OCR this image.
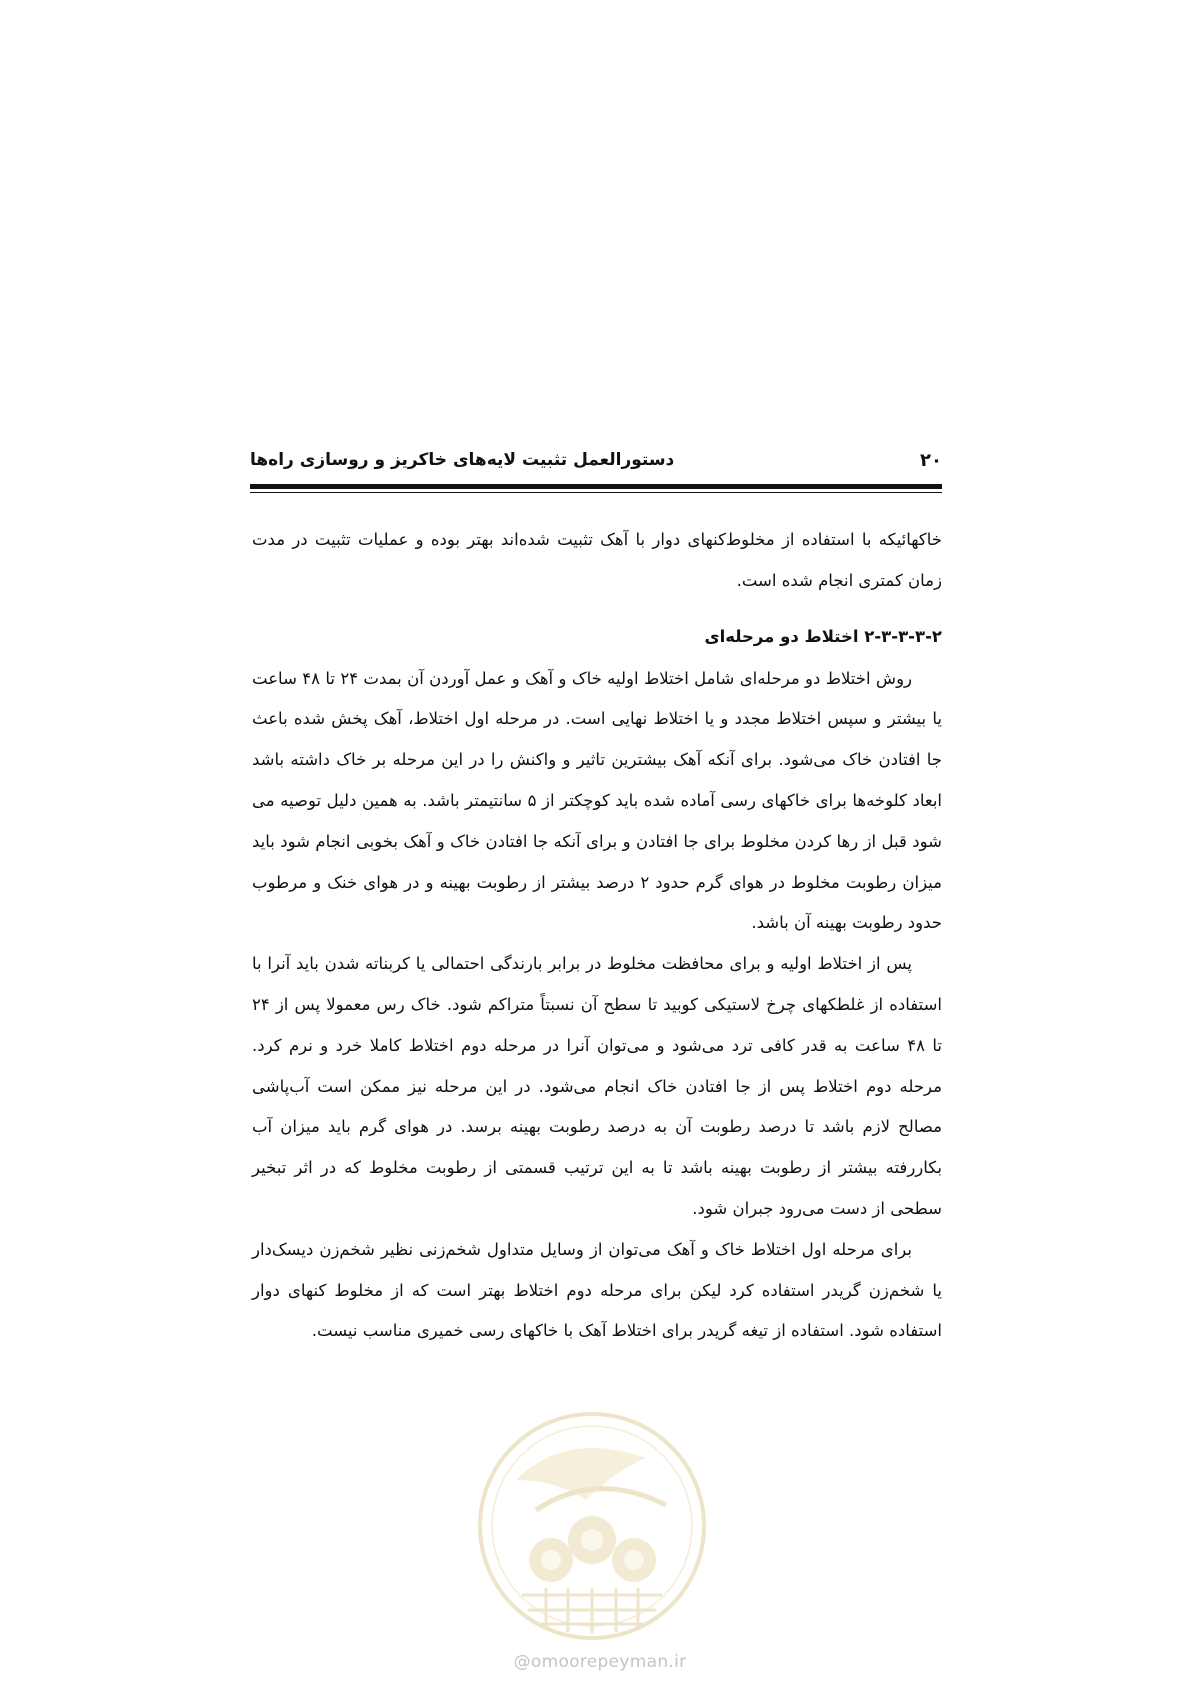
۲۰
دستورالعمل تثبیت لایه‌های خاکریز و روسازی راه‌ها

خاکهائیکه با استفاده از مخلوط‌کنهای دوار با آهک تثبیت شده‌اند بهتر بوده و عملیات تثبیت در مدت زمان کمتری انجام شده است.

۲-۳-۳-۳-۲ اختلاط دو مرحله‌ای

روش اختلاط دو مرحله‌ای شامل اختلاط اولیه خاک و آهک و عمل آوردن آن بمدت ۲۴ تا ۴۸ ساعت یا بیشتر و سپس اختلاط مجدد و یا اختلاط نهایی است. در مرحله اول اختلاط، آهک پخش شده باعث جا افتادن خاک می‌شود. برای آنکه آهک بیشترین تاثیر و واکنش را در این مرحله بر خاک داشته باشد ابعاد کلوخه‌ها برای خاکهای رسی آماده شده باید کوچکتر از ۵ سانتیمتر باشد. به همین دلیل توصیه می شود قبل از رها کردن مخلوط برای جا افتادن و برای آنکه جا افتادن خاک و آهک بخوبی انجام شود باید میزان رطوبت مخلوط در هوای گرم حدود ۲ درصد بیشتر از رطوبت بهینه و در هوای خنک و مرطوب حدود رطوبت بهینه آن باشد.

پس از اختلاط اولیه و برای محافظت مخلوط در برابر بارندگی احتمالی یا کربناته شدن باید آنرا با استفاده از غلطکهای چرخ لاستیکی کوبید تا سطح آن نسبتاً متراکم شود. خاک رس معمولا پس از ۲۴ تا ۴۸ ساعت به قدر کافی ترد می‌شود و می‌توان آنرا در مرحله دوم اختلاط کاملا خرد و نرم کرد. مرحله دوم اختلاط پس از جا افتادن خاک انجام می‌شود. در این مرحله نیز ممکن است آب‌پاشی مصالح لازم باشد تا درصد رطوبت آن به درصد رطوبت بهینه برسد. در هوای گرم باید میزان آب بکاررفته بیشتر از رطوبت بهینه باشد تا به این ترتیب قسمتی از رطوبت مخلوط که در اثر تبخیر سطحی از دست می‌رود جبران شود.

برای مرحله اول اختلاط خاک و آهک می‌توان از وسایل متداول شخم‌زنی نظیر شخم‌زن دیسک‌دار یا شخم‌زن گریدر استفاده کرد لیکن برای مرحله دوم اختلاط بهتر است که از مخلوط کنهای دوار استفاده شود. استفاده از تیغه گریدر برای اختلاط آهک با خاکهای رسی خمیری مناسب نیست.

@omoorepeyman.ir
